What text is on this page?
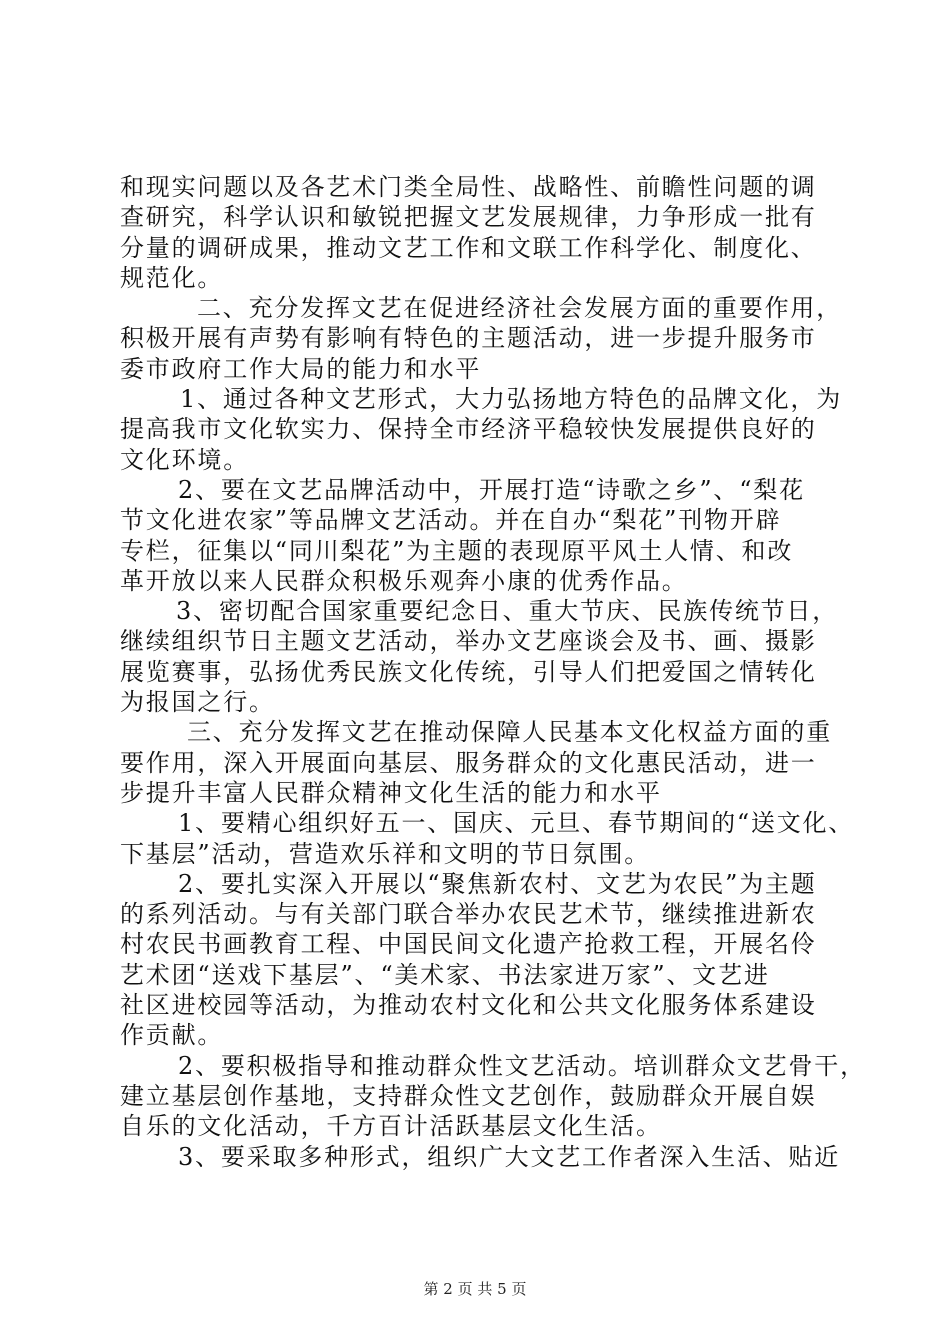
和现实问题以及各艺术门类全局性、战略性、前瞻性问题的调
查研究，科学认识和敏锐把握文艺发展规律，力争形成一批有
分量的调研成果，推动文艺工作和文联工作科学化、制度化、
规范化。
二、充分发挥文艺在促进经济社会发展方面的重要作用，
积极开展有声势有影响有特色的主题活动，进一步提升服务市
委市政府工作大局的能力和水平
1、通过各种文艺形式，大力弘扬地方特色的品牌文化，为
提高我市文化软实力、保持全市经济平稳较快发展提供良好的
文化环境。
2、要在文艺品牌活动中，开展打造“诗歌之乡”、“梨花
节文化进农家”等品牌文艺活动。并在自办“梨花”刊物开辟
专栏，征集以“同川梨花”为主题的表现原平风土人情、和改
革开放以来人民群众积极乐观奔小康的优秀作品。
3、密切配合国家重要纪念日、重大节庆、民族传统节日，
继续组织节日主题文艺活动，举办文艺座谈会及书、画、摄影
展览赛事，弘扬优秀民族文化传统，引导人们把爱国之情转化
为报国之行。
三、充分发挥文艺在推动保障人民基本文化权益方面的重
要作用，深入开展面向基层、服务群众的文化惠民活动，进一
步提升丰富人民群众精神文化生活的能力和水平
1、要精心组织好五一、国庆、元旦、春节期间的“送文化、
下基层”活动，营造欢乐祥和文明的节日氛围。
2、要扎实深入开展以“聚焦新农村、文艺为农民”为主题
的系列活动。与有关部门联合举办农民艺术节，继续推进新农
村农民书画教育工程、中国民间文化遗产抢救工程，开展名伶
艺术团“送戏下基层”、“美术家、书法家进万家”、文艺进
社区进校园等活动，为推动农村文化和公共文化服务体系建设
作贡献。
2、要积极指导和推动群众性文艺活动。培训群众文艺骨干，
建立基层创作基地，支持群众性文艺创作，鼓励群众开展自娱
自乐的文化活动，千方百计活跃基层文化生活。
3、要采取多种形式，组织广大文艺工作者深入生活、贴近
第 2 页 共 5 页
